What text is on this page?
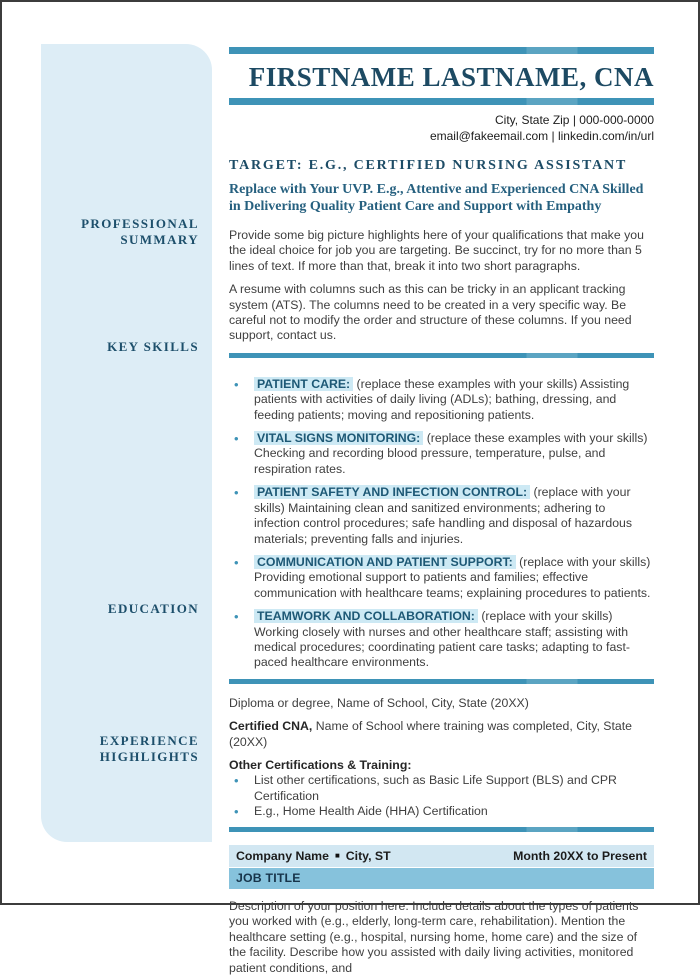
PROFESSIONAL SUMMARY
KEY SKILLS
EDUCATION
EXPERIENCE HIGHLIGHTS
FIRSTNAME LASTNAME, CNA
City, State Zip | 000-000-0000
email@fakeemail.com | linkedin.com/in/url
TARGET: E.G., CERTIFIED NURSING ASSISTANT
Replace with Your UVP. E.g., Attentive and Experienced CNA Skilled in Delivering Quality Patient Care and Support with Empathy
Provide some big picture highlights here of your qualifications that make you the ideal choice for job you are targeting. Be succinct, try for no more than 5 lines of text. If more than that, break it into two short paragraphs.
A resume with columns such as this can be tricky in an applicant tracking system (ATS). The columns need to be created in a very specific way. Be careful not to modify the order and structure of these columns. If you need support, contact us.
•	PATIENT CARE: (replace these examples with your skills) Assisting patients with activities of daily living (ADLs); bathing, dressing, and feeding patients; moving and repositioning patients.
•	VITAL SIGNS MONITORING: (replace these examples with your skills) Checking and recording blood pressure, temperature, pulse, and respiration rates.
•	PATIENT SAFETY AND INFECTION CONTROL: (replace with your skills) Maintaining clean and sanitized environments; adhering to infection control procedures; safe handling and disposal of hazardous materials; preventing falls and injuries.
•	COMMUNICATION AND PATIENT SUPPORT: (replace with your skills) Providing emotional support to patients and families; effective communication with healthcare teams; explaining procedures to patients.
•	TEAMWORK AND COLLABORATION: (replace with your skills) Working closely with nurses and other healthcare staff; assisting with medical procedures; coordinating patient care tasks; adapting to fast-paced healthcare environments.
Diploma or degree, Name of School, City, State (20XX)
Certified CNA, Name of School where training was completed, City, State (20XX)
Other Certifications & Training:
•	List other certifications, such as Basic Life Support (BLS) and CPR Certification
•	E.g., Home Health Aide (HHA) Certification
Company Name ■ City, ST	Month 20XX to Present
JOB TITLE
Description of your position here. Include details about the types of patients you worked with (e.g., elderly, long-term care, rehabilitation). Mention the healthcare setting (e.g., hospital, nursing home, home care) and the size of the facility. Describe how you assisted with daily living activities, monitored patient conditions, and
